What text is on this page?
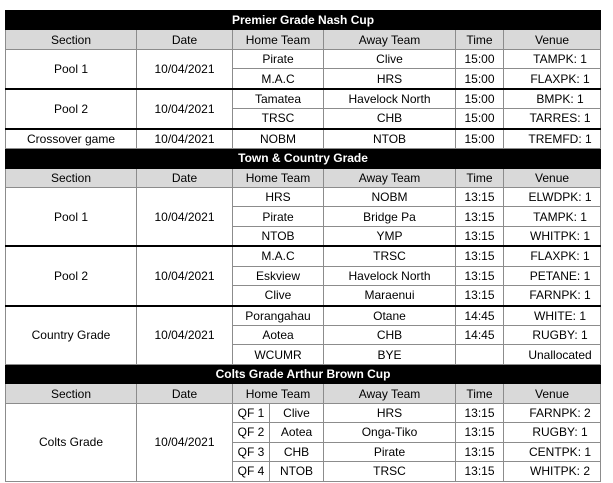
Premier Grade Nash Cup						
Section	Date	Home Team		Away Team	Time	Venue
Pool 1	10/04/2021	Pirate		Clive	15:00	TAMPK: 1
		M.A.C		HRS	15:00	FLAXPK: 1
Pool 2	10/04/2021	Tamatea		Havelock North	15:00	BMPK: 1
		TRSC		CHB	15:00	TARRES: 1
Crossover game	10/04/2021	NOBM		NTOB	15:00	TREMFD: 1
Town & Country Grade						
Section	Date	Home Team		Away Team	Time	Venue
Pool 1	10/04/2021	HRS		NOBM	13:15	ELWDPK: 1
		Pirate		Bridge Pa	13:15	TAMPK: 1
		NTOB		YMP	13:15	WHITPK: 1
Pool 2	10/04/2021	M.A.C		TRSC	13:15	FLAXPK: 1
		Eskview		Havelock North	13:15	PETANE: 1
		Clive		Maraenui	13:15	FARNPK: 1
Country Grade	10/04/2021	Porangahau		Otane	14:45	WHITE: 1
		Aotea		CHB	14:45	RUGBY: 1
		WCUMR		BYE		Unallocated
Colts Grade Arthur Brown Cup						
Section	Date	Home Team		Away Team	Time	Venue
Colts Grade	10/04/2021	QF 1	Clive	HRS	13:15	FARNPK: 2
		QF 2	Aotea	Onga-Tiko	13:15	RUGBY: 1
		QF 3	CHB	Pirate	13:15	CENTPK: 1
		QF 4	NTOB	TRSC	13:15	WHITPK: 2
